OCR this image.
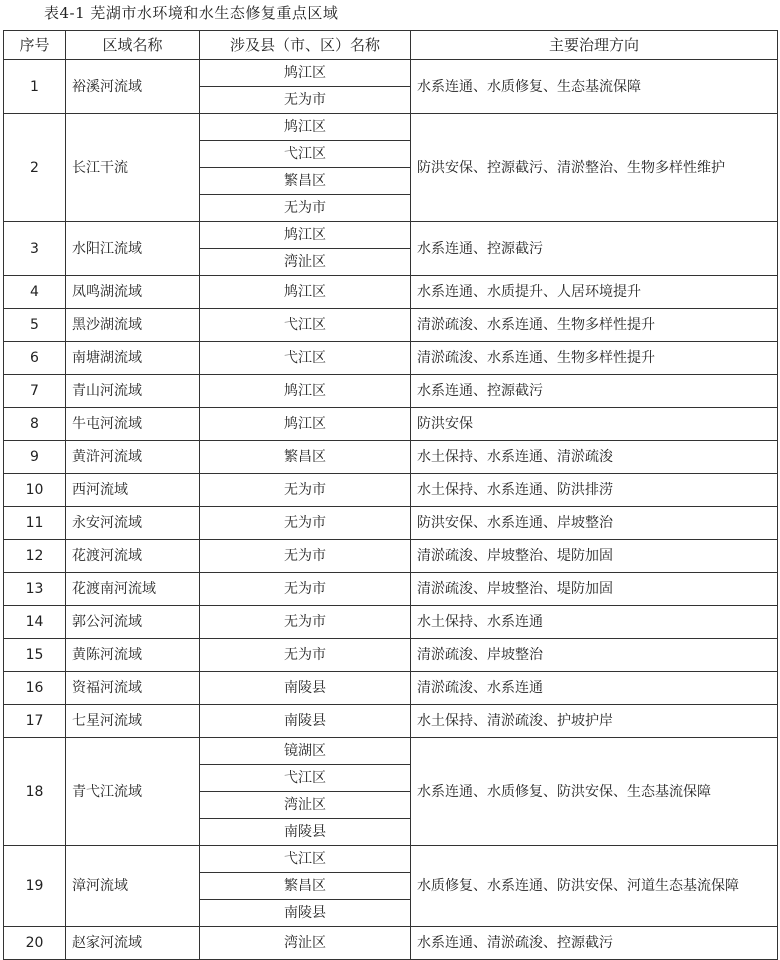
表4-1 芜湖市水环境和水生态修复重点区域
序号	区域名称	涉及县（市、区）名称	主要治理方向
1	裕溪河流域	鸠江区	水系连通、水质修复、生态基流保障
		无为市	
2	长江干流	鸠江区	防洪安保、控源截污、清淤整治、生物多样性维护
		弋江区	
		繁昌区	
		无为市	
3	水阳江流域	鸠江区	水系连通、控源截污
		湾沚区	
4	凤鸣湖流域	鸠江区	水系连通、水质提升、人居环境提升
5	黑沙湖流域	弋江区	清淤疏浚、水系连通、生物多样性提升
6	南塘湖流域	弋江区	清淤疏浚、水系连通、生物多样性提升
7	青山河流域	鸠江区	水系连通、控源截污
8	牛屯河流域	鸠江区	防洪安保
9	黄浒河流域	繁昌区	水土保持、水系连通、清淤疏浚
10	西河流域	无为市	水土保持、水系连通、防洪排涝
11	永安河流域	无为市	防洪安保、水系连通、岸坡整治
12	花渡河流域	无为市	清淤疏浚、岸坡整治、堤防加固
13	花渡南河流域	无为市	清淤疏浚、岸坡整治、堤防加固
14	郭公河流域	无为市	水土保持、水系连通
15	黄陈河流域	无为市	清淤疏浚、岸坡整治
16	资福河流域	南陵县	清淤疏浚、水系连通
17	七星河流域	南陵县	水土保持、清淤疏浚、护坡护岸
18	青弋江流域	镜湖区	水系连通、水质修复、防洪安保、生态基流保障
		弋江区	
		湾沚区	
		南陵县	
19	漳河流域	弋江区	水质修复、水系连通、防洪安保、河道生态基流保障
		繁昌区	
		南陵县	
20	赵家河流域	湾沚区	水系连通、清淤疏浚、控源截污
